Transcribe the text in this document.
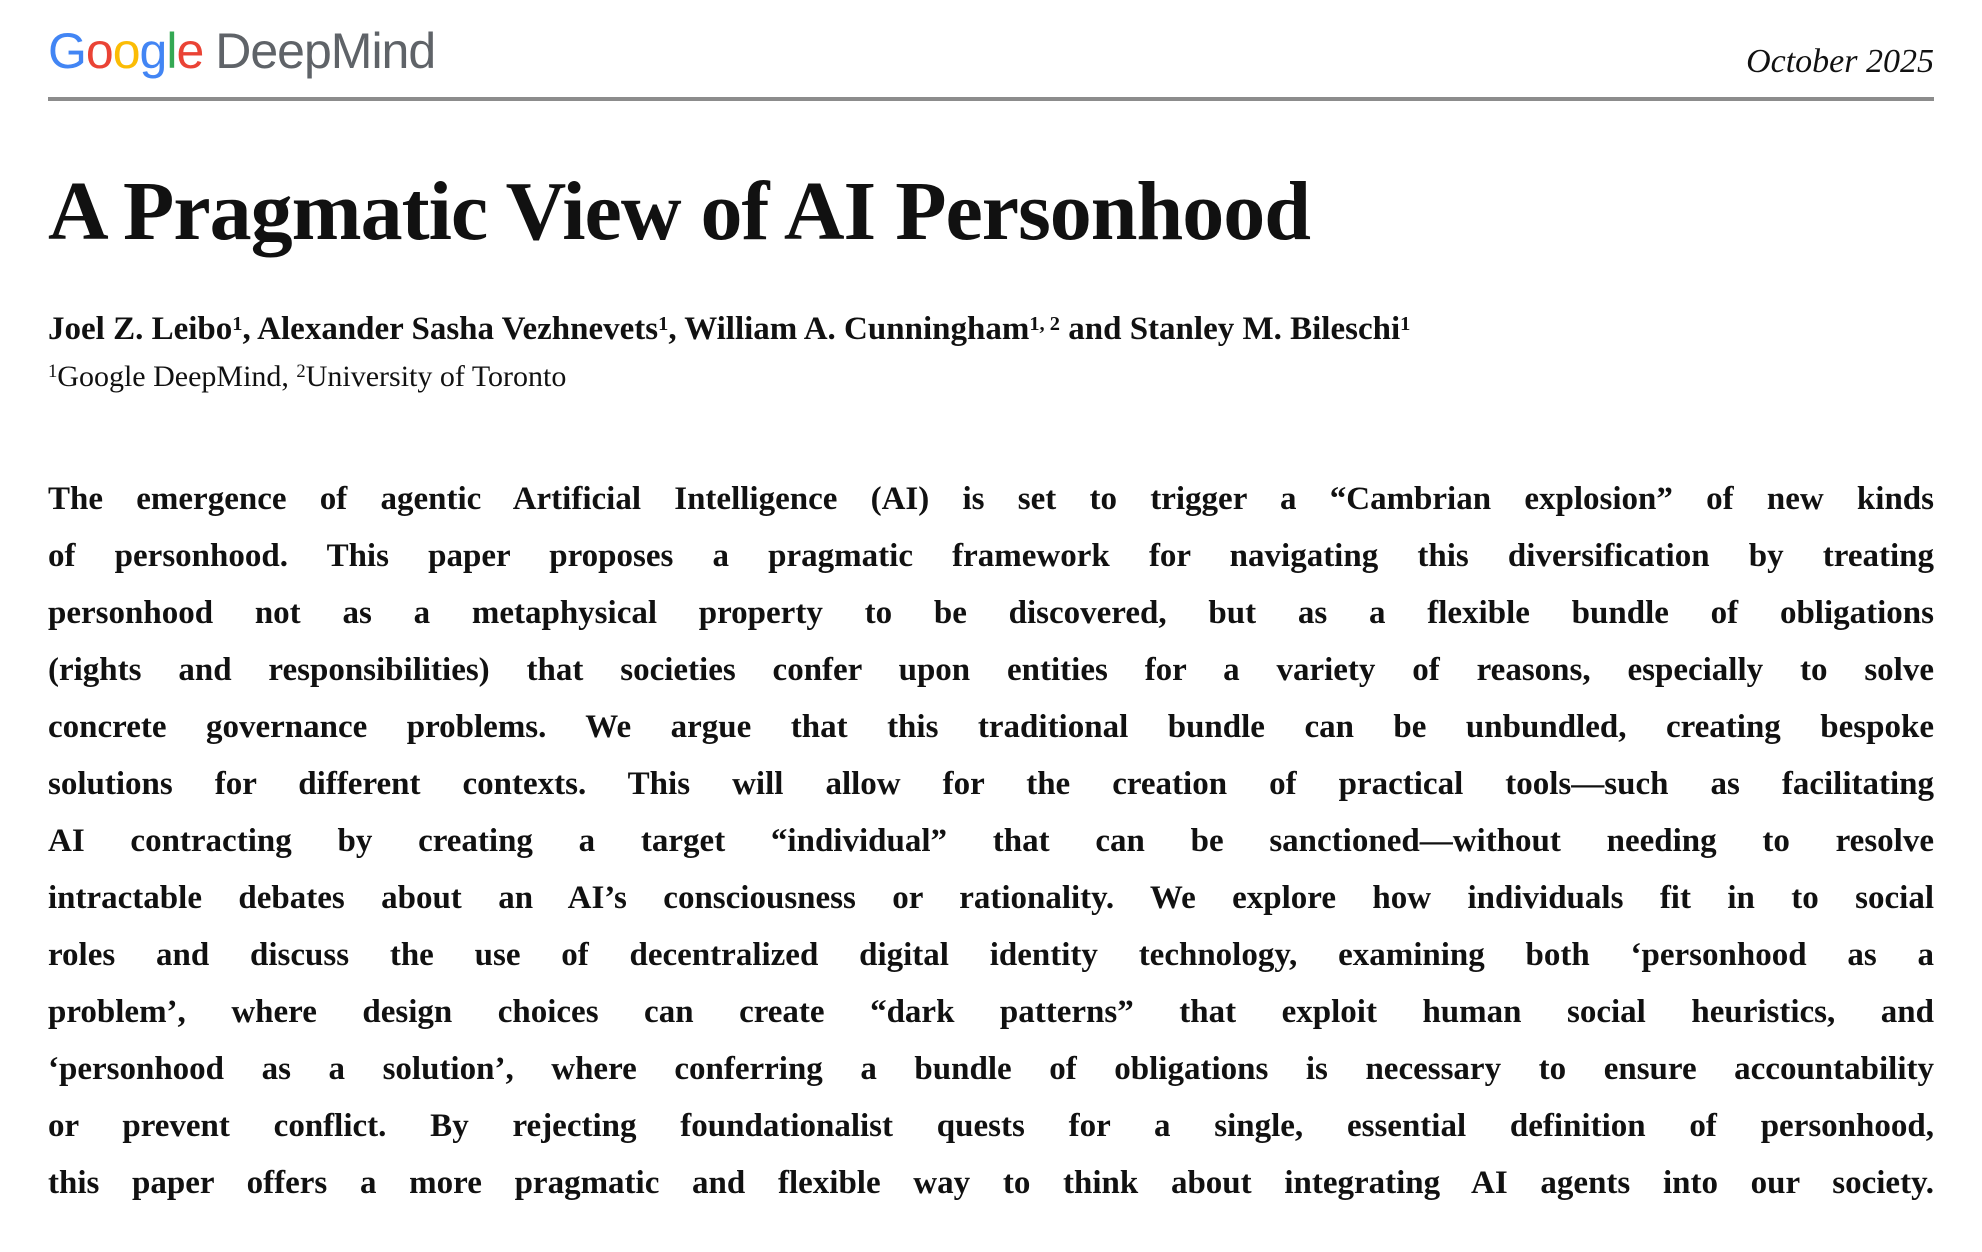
Google DeepMind	October 2025
A Pragmatic View of AI Personhood
Joel Z. Leibo$^1$, Alexander Sasha Vezhnevets$^1$, William A. Cunningham$^{1, 2}$ and Stanley M. Bileschi$^1$
$^1$Google DeepMind, $^2$University of Toronto

The emergence of agentic Artificial Intelligence (AI) is set to trigger a “Cambrian explosion” of new kinds
of personhood. This paper proposes a pragmatic framework for navigating this diversification by treating
personhood not as a metaphysical property to be discovered, but as a flexible bundle of obligations
(rights and responsibilities) that societies confer upon entities for a variety of reasons, especially to solve
concrete governance problems. We argue that this traditional bundle can be unbundled, creating bespoke
solutions for different contexts. This will allow for the creation of practical tools—such as facilitating
AI contracting by creating a target “individual” that can be sanctioned—without needing to resolve
intractable debates about an AI’s consciousness or rationality. We explore how individuals fit in to social
roles and discuss the use of decentralized digital identity technology, examining both ‘personhood as a
problem’, where design choices can create “dark patterns” that exploit human social heuristics, and
‘personhood as a solution’, where conferring a bundle of obligations is necessary to ensure accountability
or prevent conflict. By rejecting foundationalist quests for a single, essential definition of personhood,
this paper offers a more pragmatic and flexible way to think about integrating AI agents into our society.
